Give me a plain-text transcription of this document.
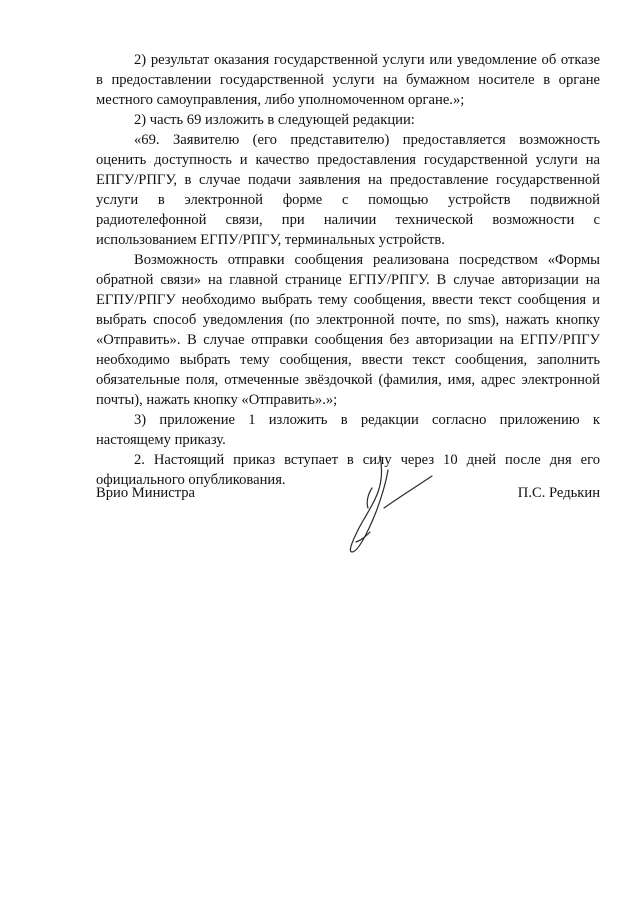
2) результат оказания государственной услуги или уведомление об отказе в предоставлении государственной услуги на бумажном носителе в органе местного самоуправления, либо уполномоченном органе.»;

2) часть 69 изложить в следующей редакции:

«69. Заявителю (его представителю) предоставляется возможность оценить доступность и качество предоставления государственной услуги на ЕПГУ/РПГУ, в случае подачи заявления на предоставление государственной услуги в электронной форме с помощью устройств подвижной радиотелефонной связи, при наличии технической возможности с использованием ЕГПУ/РПГУ, терминальных устройств.

Возможность отправки сообщения реализована посредством «Формы обратной связи» на главной странице ЕГПУ/РПГУ. В случае авторизации на ЕГПУ/РПГУ необходимо выбрать тему сообщения, ввести текст сообщения и выбрать способ уведомления (по электронной почте, по sms), нажать кнопку «Отправить». В случае отправки сообщения без авторизации на ЕГПУ/РПГУ необходимо выбрать тему сообщения, ввести текст сообщения, заполнить обязательные поля, отмеченные звёздочкой (фамилия, имя, адрес электронной почты), нажать кнопку «Отправить».»;

3) приложение 1 изложить в редакции согласно приложению к настоящему приказу.

2. Настоящий приказ вступает в силу через 10 дней после дня его официального опубликования.

Врио Министра	П.С. Редькин
